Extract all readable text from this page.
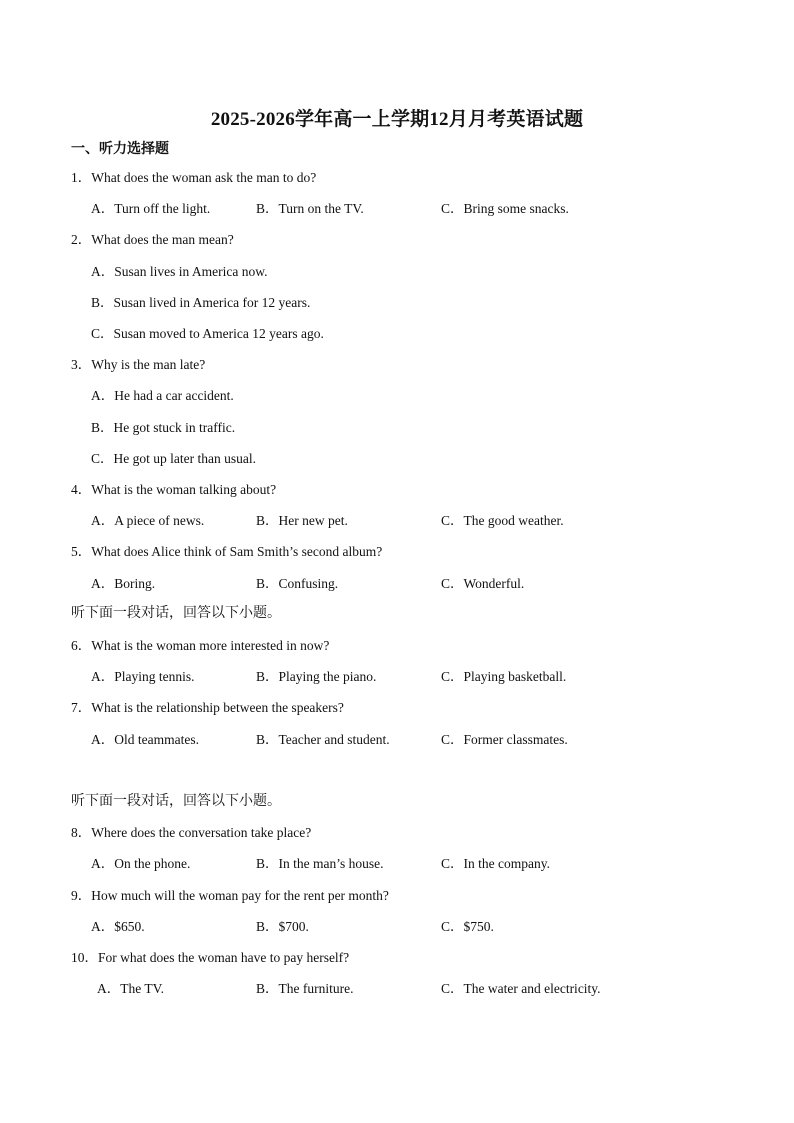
2025-2026学年高一上学期12月月考英语试题
一、听力选择题
1．What does the woman ask the man to do?
A．Turn off the light.	B．Turn on the TV.	C．Bring some snacks.
2．What does the man mean?
A．Susan lives in America now.
B．Susan lived in America for 12 years.
C．Susan moved to America 12 years ago.
3．Why is the man late?
A．He had a car accident.
B．He got stuck in traffic.
C．He got up later than usual.
4．What is the woman talking about?
A．A piece of news.	B．Her new pet.	C．The good weather.
5．What does Alice think of Sam Smith’s second album?
A．Boring.	B．Confusing.	C．Wonderful.
听下面一段对话，回答以下小题。
6．What is the woman more interested in now?
A．Playing tennis.	B．Playing the piano.	C．Playing basketball.
7．What is the relationship between the speakers?
A．Old teammates.	B．Teacher and student.	C．Former classmates.
听下面一段对话，回答以下小题。
8．Where does the conversation take place?
A．On the phone.	B．In the man’s house.	C．In the company.
9．How much will the woman pay for the rent per month?
A．$650.	B．$700.	C．$750.
10．For what does the woman have to pay herself?
A．The TV.	B．The furniture.	C．The water and electricity.
